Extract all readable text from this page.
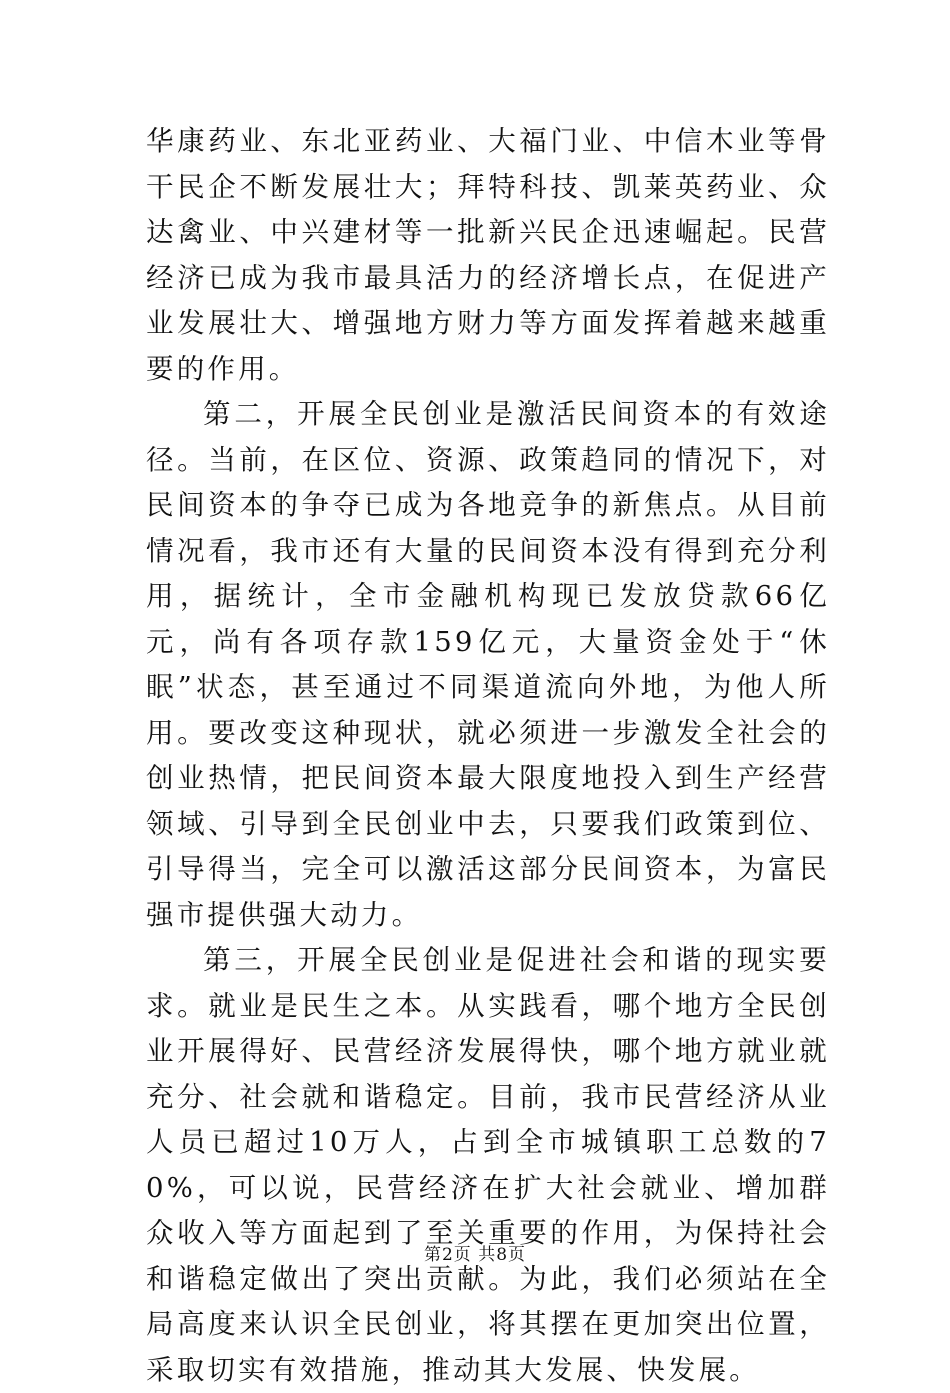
华康药业、东北亚药业、大福门业、中信木业等骨干民企不断发展壮大；拜特科技、凯莱英药业、众达禽业、中兴建材等一批新兴民企迅速崛起。民营经济已成为我市最具活力的经济增长点，在促进产业发展壮大、增强地方财力等方面发挥着越来越重要的作用。

第二，开展全民创业是激活民间资本的有效途径。当前，在区位、资源、政策趋同的情况下，对民间资本的争夺已成为各地竞争的新焦点。从目前情况看，我市还有大量的民间资本没有得到充分利用，据统计，全市金融机构现已发放贷款66亿元，尚有各项存款159亿元，大量资金处于“休眠”状态，甚至通过不同渠道流向外地，为他人所用。要改变这种现状，就必须进一步激发全社会的创业热情，把民间资本最大限度地投入到生产经营领域、引导到全民创业中去，只要我们政策到位、引导得当，完全可以激活这部分民间资本，为富民强市提供强大动力。

第三，开展全民创业是促进社会和谐的现实要求。就业是民生之本。从实践看，哪个地方全民创业开展得好、民营经济发展得快，哪个地方就业就充分、社会就和谐稳定。目前，我市民营经济从业人员已超过10万人，占到全市城镇职工总数的70%，可以说，民营经济在扩大社会就业、增加群众收入等方面起到了至关重要的作用，为保持社会和谐稳定做出了突出贡献。为此，我们必须站在全局高度来认识全民创业，将其摆在更加突出位置，采取切实有效措施，推动其大发展、快发展。

第2页 共8页
